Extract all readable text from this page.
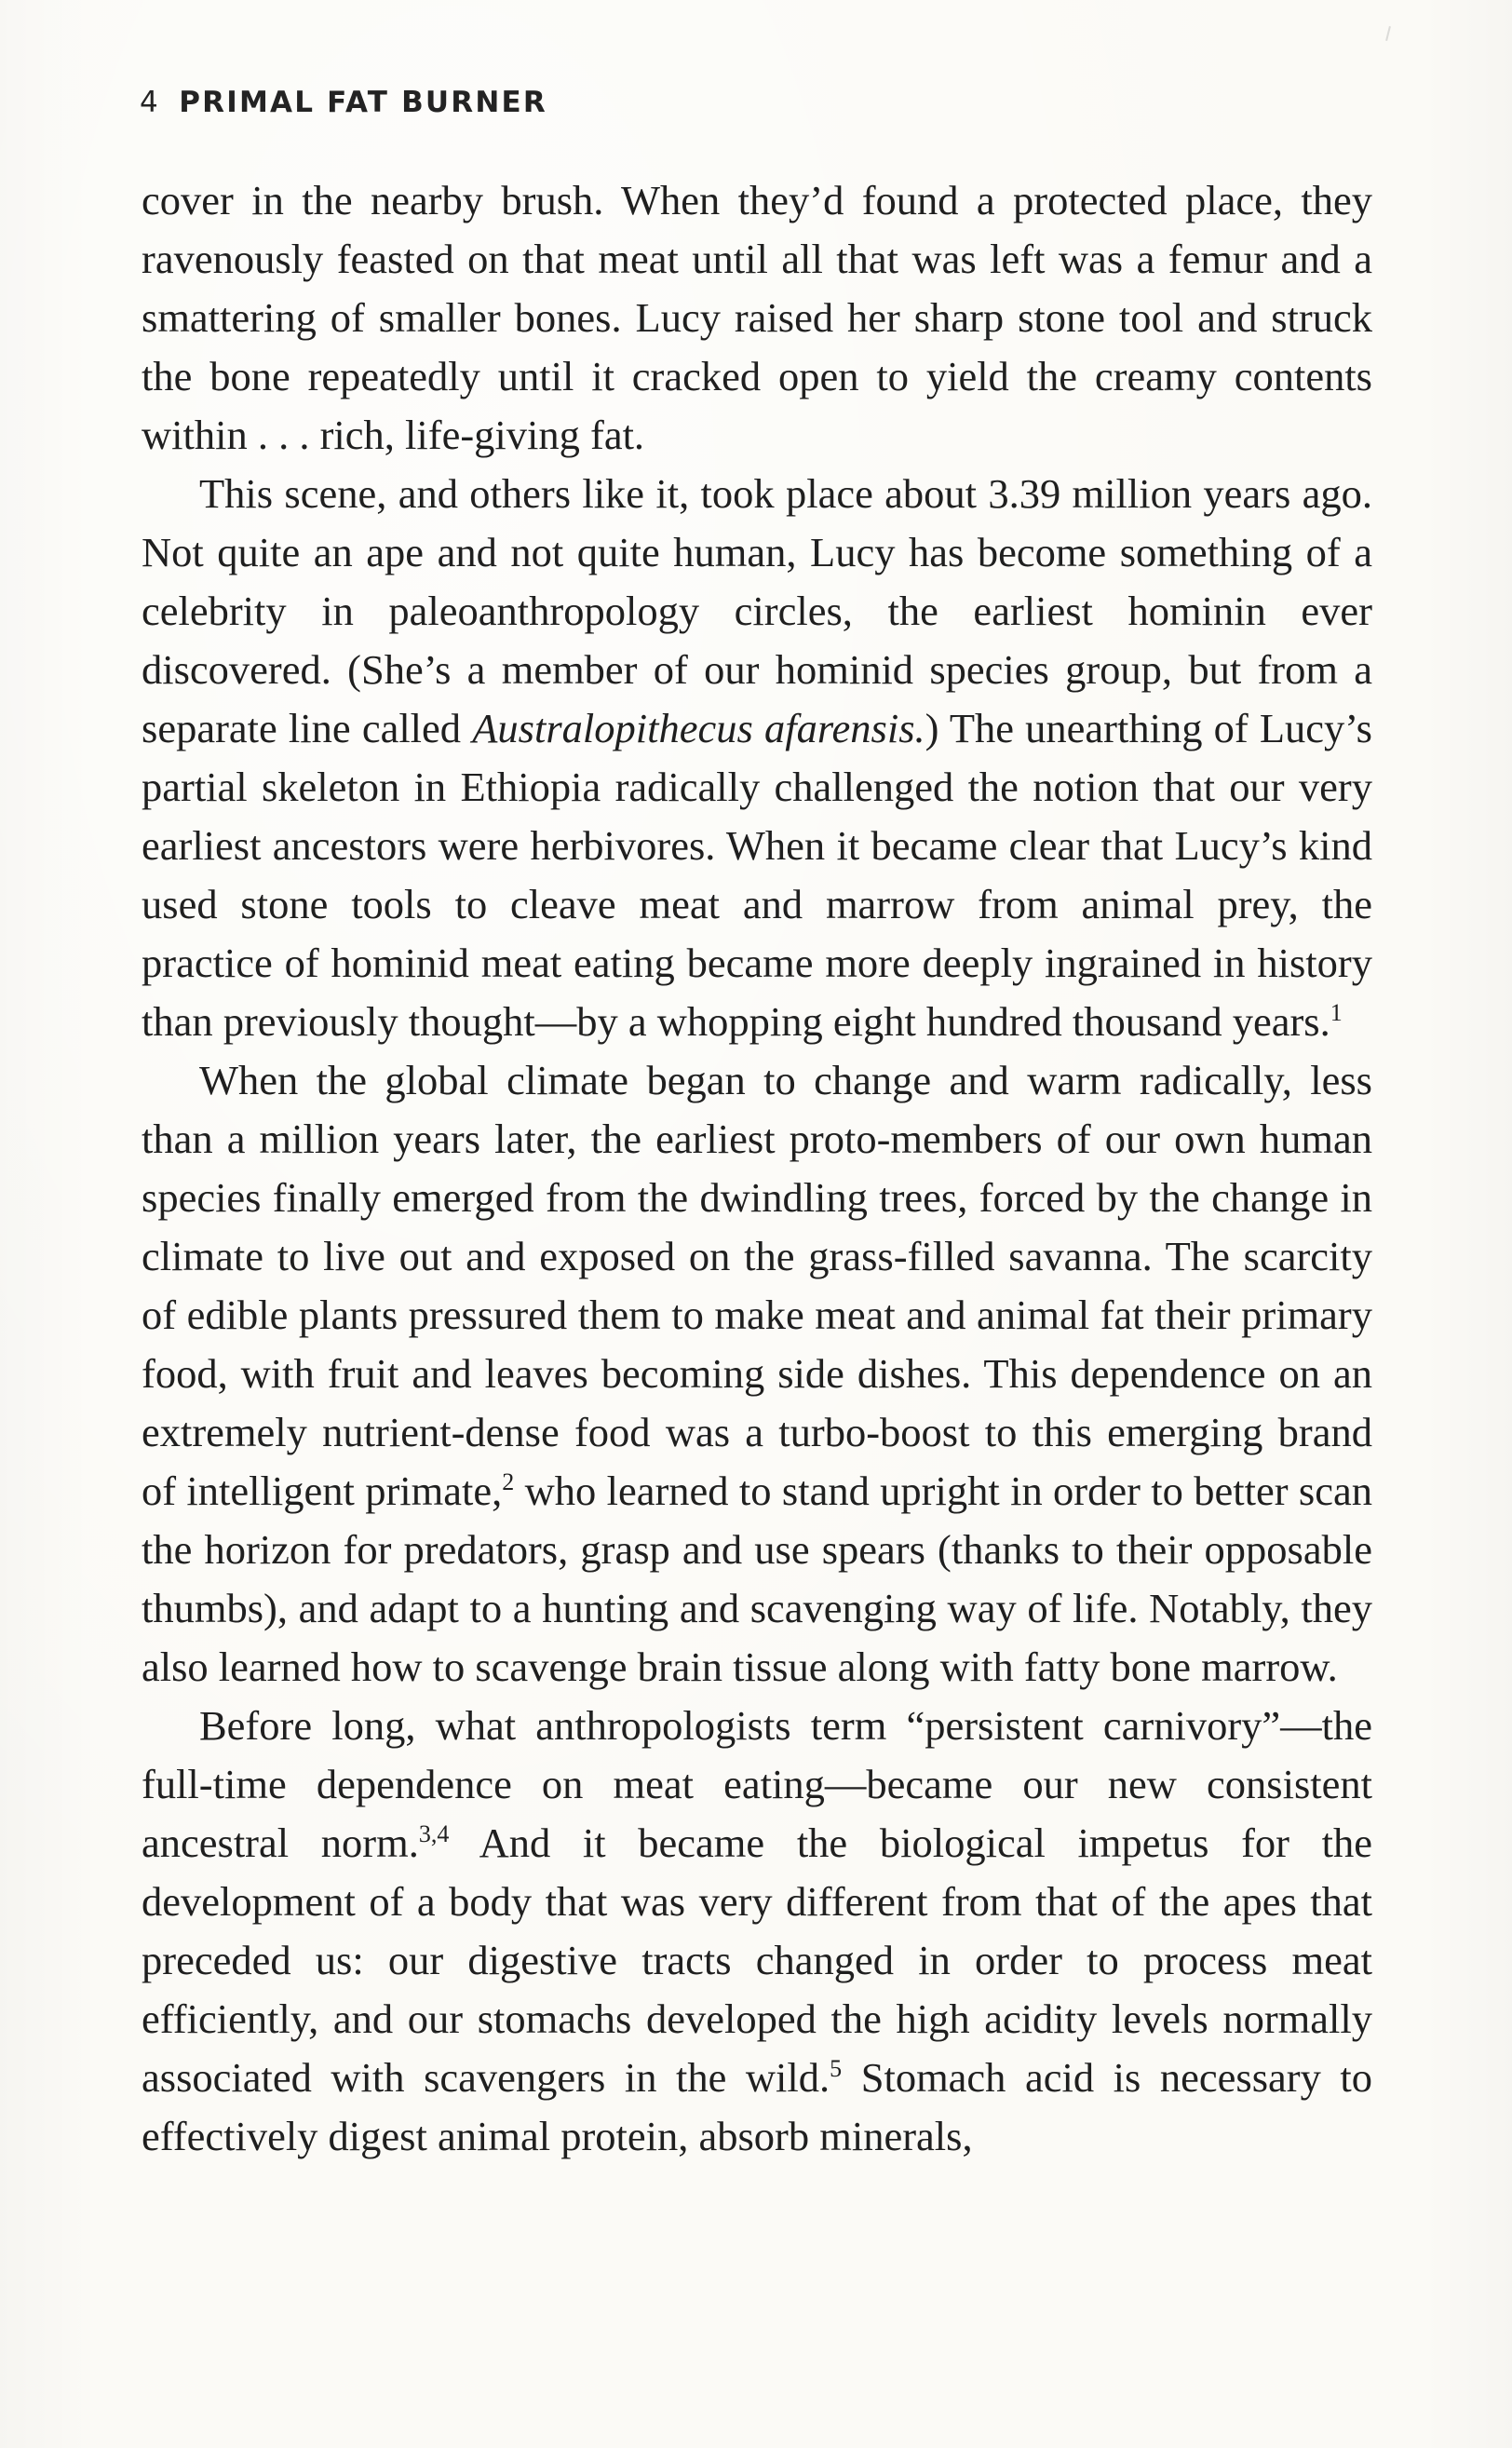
4 PRIMAL FAT BURNER

cover in the nearby brush. When they’d found a protected place, they ravenously feasted on that meat until all that was left was a femur and a smattering of smaller bones. Lucy raised her sharp stone tool and struck the bone repeatedly until it cracked open to yield the creamy contents within . . . rich, life-giving fat.

This scene, and others like it, took place about 3.39 million years ago. Not quite an ape and not quite human, Lucy has become something of a celebrity in paleoanthropology circles, the earliest hominin ever discovered. (She’s a member of our hominid species group, but from a separate line called Australopithecus afarensis.) The unearthing of Lucy’s partial skeleton in Ethiopia radically challenged the notion that our very earliest ancestors were herbivores. When it became clear that Lucy’s kind used stone tools to cleave meat and marrow from animal prey, the practice of hominid meat eating became more deeply ingrained in history than previously thought—by a whopping eight hundred thousand years.$^1$

When the global climate began to change and warm radically, less than a million years later, the earliest proto-members of our own human species finally emerged from the dwindling trees, forced by the change in climate to live out and exposed on the grass-filled savanna. The scarcity of edible plants pressured them to make meat and animal fat their primary food, with fruit and leaves becoming side dishes. This dependence on an extremely nutrient-dense food was a turbo-boost to this emerging brand of intelligent primate,$^2$ who learned to stand upright in order to better scan the horizon for predators, grasp and use spears (thanks to their opposable thumbs), and adapt to a hunting and scavenging way of life. Notably, they also learned how to scavenge brain tissue along with fatty bone marrow.

Before long, what anthropologists term “persistent carnivory”—the full-time dependence on meat eating—became our new consistent ancestral norm.$^{3,4}$ And it became the biological impetus for the development of a body that was very different from that of the apes that preceded us: our digestive tracts changed in order to process meat efficiently, and our stomachs developed the high acidity levels normally associated with scavengers in the wild.$^5$ Stomach acid is necessary to effectively digest animal protein, absorb minerals,
